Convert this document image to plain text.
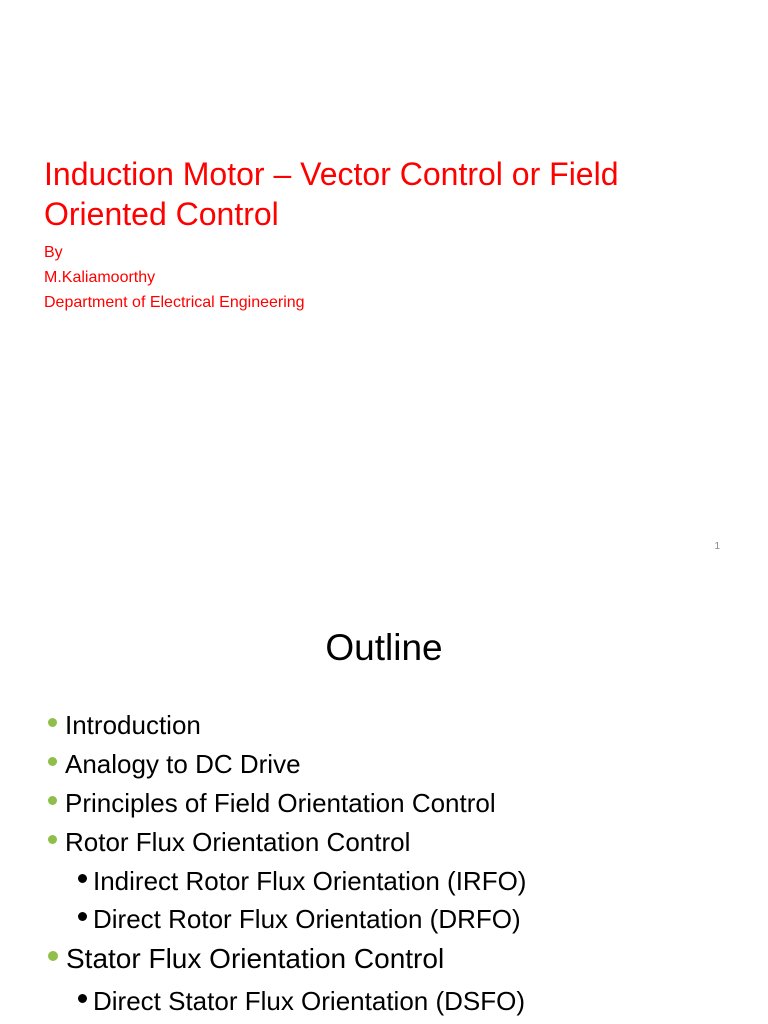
Induction Motor – Vector Control or Field
Oriented Control
By
M.Kaliamoorthy
Department of Electrical Engineering
1
Outline
Introduction
Analogy to DC Drive
Principles of Field Orientation Control
Rotor Flux Orientation Control
Indirect Rotor Flux Orientation (IRFO)
Direct Rotor Flux Orientation (DRFO)
Stator Flux Orientation Control
Direct Stator Flux Orientation (DSFO)
